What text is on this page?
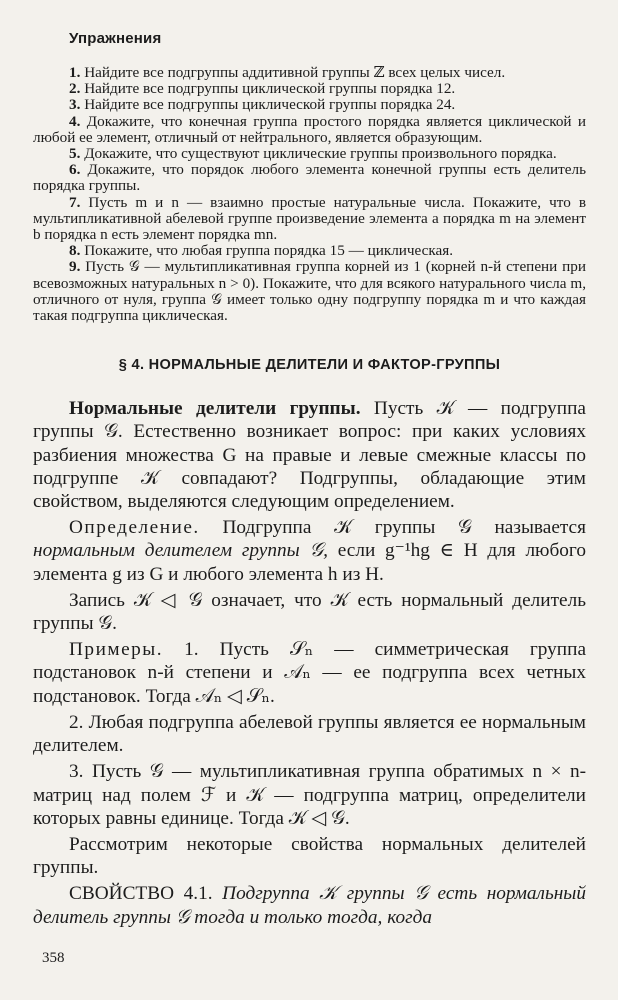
Упражнения

1. Найдите все подгруппы аддитивной группы ℤ всех целых чисел.

2. Найдите все подгруппы циклической группы порядка 12.

3. Найдите все подгруппы циклической группы порядка 24.

4. Докажите, что конечная группа простого порядка является циклической и любой ее элемент, отличный от нейтрального, является образующим.

5. Докажите, что существуют циклические группы произвольного порядка.

6. Докажите, что порядок любого элемента конечной группы есть делитель порядка группы.

7. Пусть m и n — взаимно простые натуральные числа. Покажите, что в мультипликативной абелевой группе произведение элемента a порядка m на элемент b порядка n есть элемент порядка mn.

8. Покажите, что любая группа порядка 15 — циклическая.

9. Пусть 𝒢 — мультипликативная группа корней из 1 (корней n-й степени при всевозможных натуральных n > 0). Покажите, что для всякого натурального числа m, отличного от нуля, группа 𝒢 имеет только одну подгруппу порядка m и что каждая такая подгруппа циклическая.

§ 4. НОРМАЛЬНЫЕ ДЕЛИТЕЛИ И ФАКТОР-ГРУППЫ

Нормальные делители группы. Пусть 𝒦 — подгруппа группы 𝒢. Естественно возникает вопрос: при каких условиях разбиения множества G на правые и левые смежные классы по подгруппе 𝒦 совпадают? Подгруппы, обладающие этим свойством, выделяются следующим определением.

Определение. Подгруппа 𝒦 группы 𝒢 называется нормальным делителем группы 𝒢, если g⁻¹hg ∈ H для любого элемента g из G и любого элемента h из H.

Запись 𝒦 ◁ 𝒢 означает, что 𝒦 есть нормальный делитель группы 𝒢.

Примеры. 1. Пусть 𝒮ₙ — симметрическая группа подстановок n-й степени и 𝒜ₙ — ее подгруппа всех четных подстановок. Тогда 𝒜ₙ ◁ 𝒮ₙ.

2. Любая подгруппа абелевой группы является ее нормальным делителем.

3. Пусть 𝒢 — мультипликативная группа обратимых n × n-матриц над полем ℱ и 𝒦 — подгруппа матриц, определители которых равны единице. Тогда 𝒦 ◁ 𝒢.

Рассмотрим некоторые свойства нормальных делителей группы.

СВОЙСТВО 4.1. Подгруппа 𝒦 группы 𝒢 есть нормальный делитель группы 𝒢 тогда и только тогда, когда

358
